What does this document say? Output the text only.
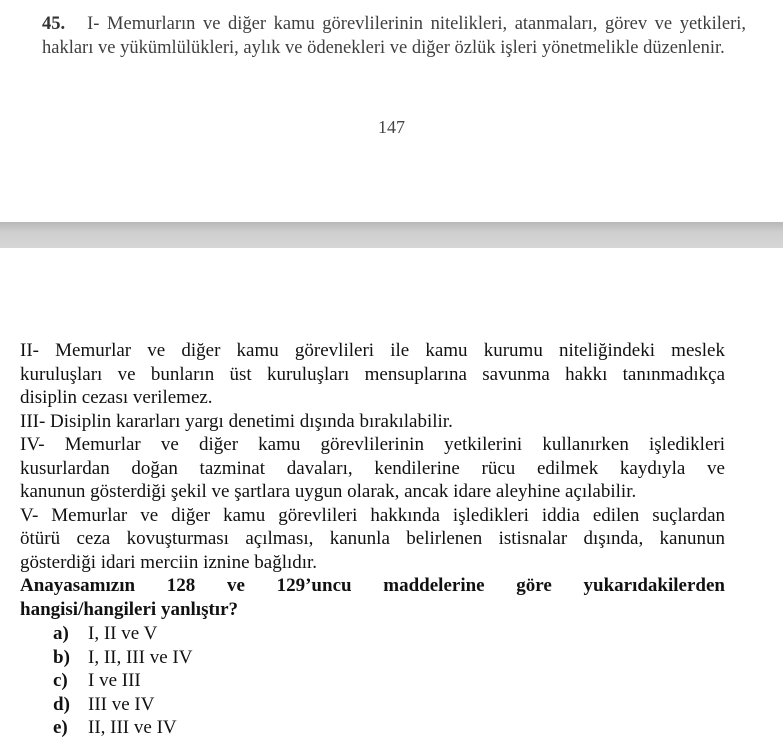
45. I- Memurların ve diğer kamu görevlilerinin nitelikleri, atanmaları, görev ve yetkileri, hakları ve yükümlülükleri, aylık ve ödenekleri ve diğer özlük işleri yönetmelikle düzenlenir.
147
II- Memurlar ve diğer kamu görevlileri ile kamu kurumu niteliğindeki meslek
kuruluşları ve bunların üst kuruluşları mensuplarına savunma hakkı tanınmadıkça
disiplin cezası verilemez.
III- Disiplin kararları yargı denetimi dışında bırakılabilir.
IV- Memurlar ve diğer kamu görevlilerinin yetkilerini kullanırken işledikleri
kusurlardan doğan tazminat davaları, kendilerine rücu edilmek kaydıyla ve
kanunun gösterdiği şekil ve şartlara uygun olarak, ancak idare aleyhine açılabilir.
V- Memurlar ve diğer kamu görevlileri hakkında işledikleri iddia edilen suçlardan
ötürü ceza kovuşturması açılması, kanunla belirlenen istisnalar dışında, kanunun
gösterdiği idari merciin iznine bağlıdır.
Anayasamızın 128 ve 129’uncu maddelerine göre yukarıdakilerden
hangisi/hangileri yanlıştır?
a)	I, II ve V
b) I, II, III ve IV
c)	I ve III
d) III ve IV
e)	II, III ve IV
